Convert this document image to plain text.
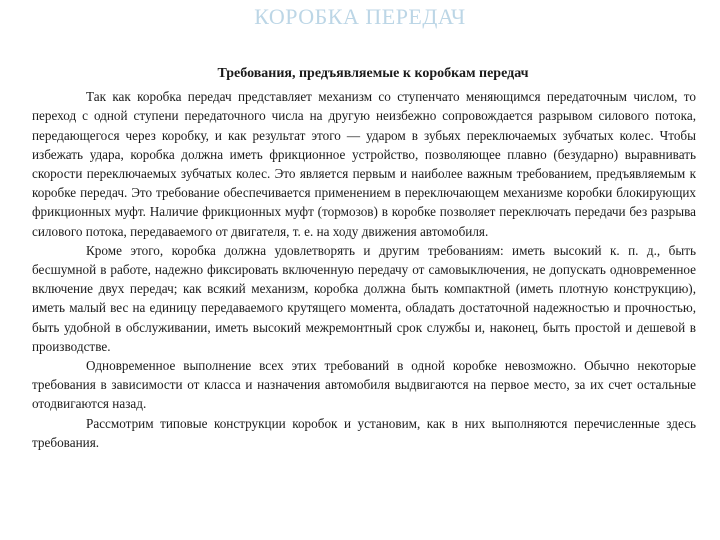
КОРОБКА ПЕРЕДАЧ
Требования, предъявляемые к коробкам передач

Так как коробка передач представляет механизм со ступенчато меняющимся передаточным числом, то переход с одной ступени передаточного числа на другую неизбежно сопровождается разрывом силового потока, передающегося через коробку, и как результат этого — ударом в зубьях переключаемых зубчатых колес. Чтобы избежать удара, коробка должна иметь фрикционное устройство, позволяющее плавно (безударно) выравнивать скорости переключаемых зубчатых колес. Это является первым и наиболее важным требованием, предъявляемым к коробке передач. Это требование обеспечивается применением в переключающем механизме коробки блокирующих фрикционных муфт. Наличие фрикционных муфт (тормозов) в коробке позволяет переключать передачи без разрыва силового потока, передаваемого от двигателя, т. е. на ходу движения автомобиля.

Кроме этого, коробка должна удовлетворять и другим требованиям: иметь высокий к. п. д., быть бесшумной в работе, надежно фиксировать включенную передачу от самовыключения, не допускать одновременное включение двух передач; как всякий механизм, коробка должна быть компактной (иметь плотную конструкцию), иметь малый вес на единицу передаваемого крутящего момента, обладать достаточной надежностью и прочностью, быть удобной в обслуживании, иметь высокий межремонтный срок службы и, наконец, быть простой и дешевой в производстве.

Одновременное выполнение всех этих требований в одной коробке невозможно. Обычно некоторые требования в зависимости от класса и назначения автомобиля выдвигаются на первое место, за их счет остальные отодвигаются назад.

Рассмотрим типовые конструкции коробок и установим, как в них выполняются перечисленные здесь требования.
